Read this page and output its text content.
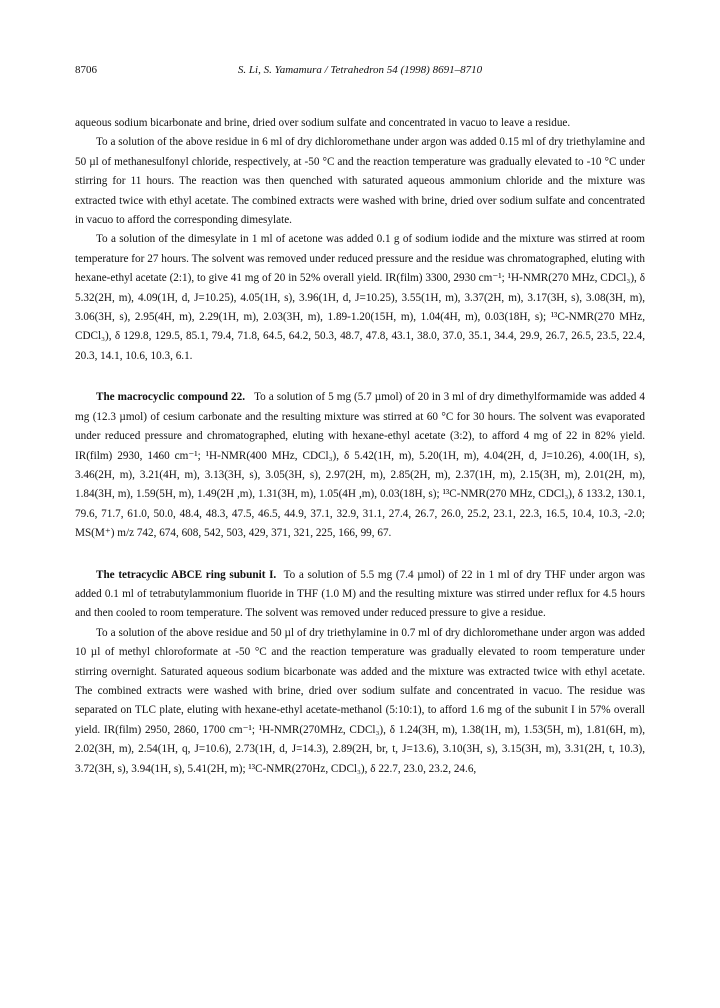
8706	S. Li, S. Yamamura / Tetrahedron 54 (1998) 8691–8710

aqueous sodium bicarbonate and brine, dried over sodium sulfate and concentrated in vacuo to leave a residue.

To a solution of the above residue in 6 ml of dry dichloromethane under argon was added 0.15 ml of dry triethylamine and 50 µl of methanesulfonyl chloride, respectively, at -50 °C and the reaction temperature was gradually elevated to -10 °C under stirring for 11 hours. The reaction was then quenched with saturated aqueous ammonium chloride and the mixture was extracted twice with ethyl acetate. The combined extracts were washed with brine, dried over sodium sulfate and concentrated in vacuo to afford the corresponding dimesylate.

To a solution of the dimesylate in 1 ml of acetone was added 0.1 g of sodium iodide and the mixture was stirred at room temperature for 27 hours. The solvent was removed under reduced pressure and the residue was chromatographed, eluting with hexane-ethyl acetate (2:1), to give 41 mg of 20 in 52% overall yield. IR(film) 3300, 2930 cm⁻¹; ¹H-NMR(270 MHz, CDCl₃), δ 5.32(2H, m), 4.09(1H, d, J=10.25), 4.05(1H, s), 3.96(1H, d, J=10.25), 3.55(1H, m), 3.37(2H, m), 3.17(3H, s), 3.08(3H, m), 3.06(3H, s), 2.95(4H, m), 2.29(1H, m), 2.03(3H, m), 1.89-1.20(15H, m), 1.04(4H, m), 0.03(18H, s); ¹³C-NMR(270 MHz, CDCl₃), δ 129.8, 129.5, 85.1, 79.4, 71.8, 64.5, 64.2, 50.3, 48.7, 47.8, 43.1, 38.0, 37.0, 35.1, 34.4, 29.9, 26.7, 26.5, 23.5, 22.4, 20.3, 14.1, 10.6, 10.3, 6.1.

The macrocyclic compound 22. To a solution of 5 mg (5.7 µmol) of 20 in 3 ml of dry dimethylformamide was added 4 mg (12.3 µmol) of cesium carbonate and the resulting mixture was stirred at 60 °C for 30 hours. The solvent was evaporated under reduced pressure and chromatographed, eluting with hexane-ethyl acetate (3:2), to afford 4 mg of 22 in 82% yield. IR(film) 2930, 1460 cm⁻¹; ¹H-NMR(400 MHz, CDCl₃), δ 5.42(1H, m), 5.20(1H, m), 4.04(2H, d, J=10.26), 4.00(1H, s), 3.46(2H, m), 3.21(4H, m), 3.13(3H, s), 3.05(3H, s), 2.97(2H, m), 2.85(2H, m), 2.37(1H, m), 2.15(3H, m), 2.01(2H, m), 1.84(3H, m), 1.59(5H, m), 1.49(2H ,m), 1.31(3H, m), 1.05(4H ,m), 0.03(18H, s); ¹³C-NMR(270 MHz, CDCl₃), δ 133.2, 130.1, 79.6, 71.7, 61.0, 50.0, 48.4, 48.3, 47.5, 46.5, 44.9, 37.1, 32.9, 31.1, 27.4, 26.7, 26.0, 25.2, 23.1, 22.3, 16.5, 10.4, 10.3, -2.0; MS(M⁺) m/z 742, 674, 608, 542, 503, 429, 371, 321, 225, 166, 99, 67.

The tetracyclic ABCE ring subunit I. To a solution of 5.5 mg (7.4 µmol) of 22 in 1 ml of dry THF under argon was added 0.1 ml of tetrabutylammonium fluoride in THF (1.0 M) and the resulting mixture was stirred under reflux for 4.5 hours and then cooled to room temperature. The solvent was removed under reduced pressure to give a residue.

To a solution of the above residue and 50 µl of dry triethylamine in 0.7 ml of dry dichloromethane under argon was added 10 µl of methyl chloroformate at -50 °C and the reaction temperature was gradually elevated to room temperature under stirring overnight. Saturated aqueous sodium bicarbonate was added and the mixture was extracted twice with ethyl acetate. The combined extracts were washed with brine, dried over sodium sulfate and concentrated in vacuo. The residue was separated on TLC plate, eluting with hexane-ethyl acetate-methanol (5:10:1), to afford 1.6 mg of the subunit I in 57% overall yield. IR(film) 2950, 2860, 1700 cm⁻¹; ¹H-NMR(270MHz, CDCl₃), δ 1.24(3H, m), 1.38(1H, m), 1.53(5H, m), 1.81(6H, m), 2.02(3H, m), 2.54(1H, q, J=10.6), 2.73(1H, d, J=14.3), 2.89(2H, br, t, J=13.6), 3.10(3H, s), 3.15(3H, m), 3.31(2H, t, 10.3), 3.72(3H, s), 3.94(1H, s), 5.41(2H, m); ¹³C-NMR(270Hz, CDCl₃), δ 22.7, 23.0, 23.2, 24.6,
